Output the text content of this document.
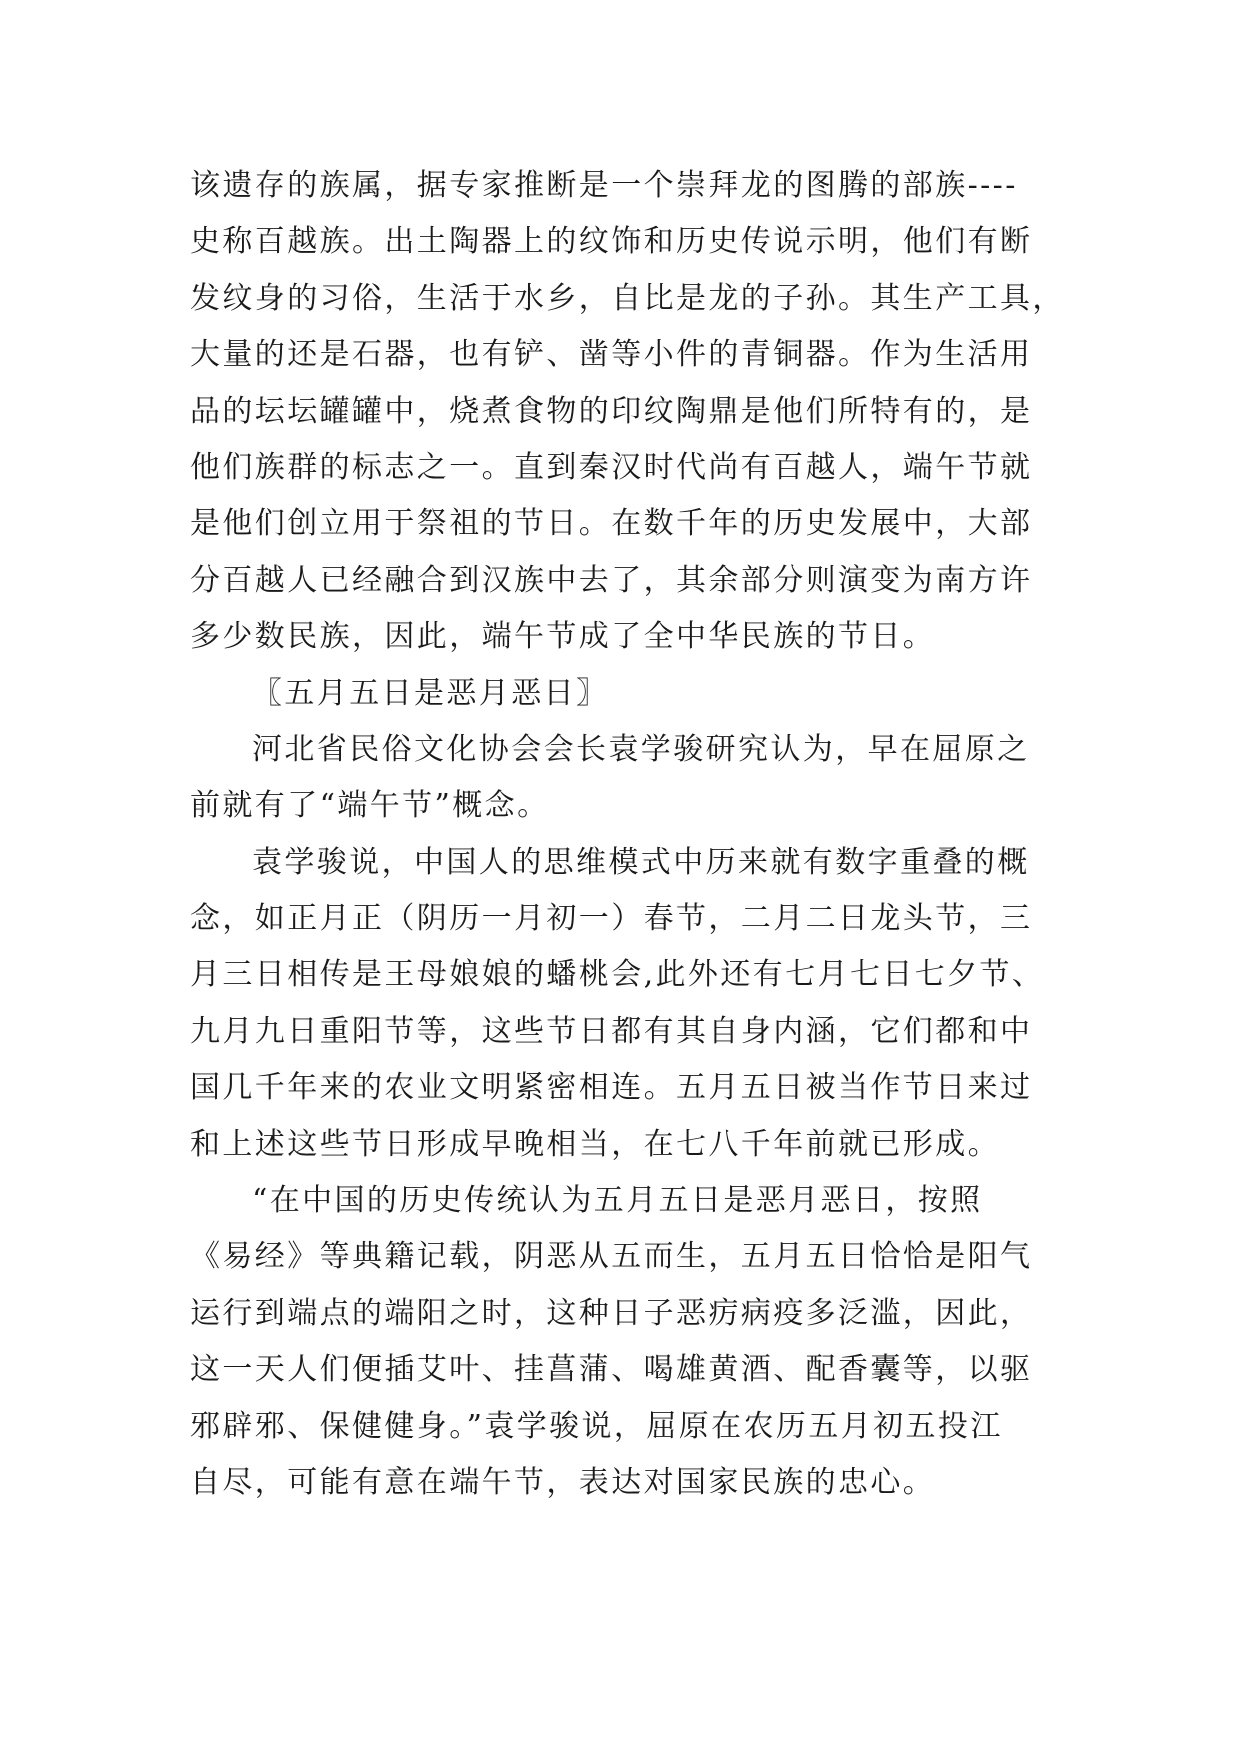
该遗存的族属，据专家推断是一个崇拜龙的图腾的部族----
史称百越族。出土陶器上的纹饰和历史传说示明，他们有断
发纹身的习俗，生活于水乡，自比是龙的子孙。其生产工具，
大量的还是石器，也有铲、凿等小件的青铜器。作为生活用
品的坛坛罐罐中，烧煮食物的印纹陶鼎是他们所特有的，是
他们族群的标志之一。直到秦汉时代尚有百越人，端午节就
是他们创立用于祭祖的节日。在数千年的历史发展中，大部
分百越人已经融合到汉族中去了，其余部分则演变为南方许
多少数民族，因此，端午节成了全中华民族的节日。
〖五月五日是恶月恶日〗
河北省民俗文化协会会长袁学骏研究认为，早在屈原之
前就有了“端午节”概念。
袁学骏说，中国人的思维模式中历来就有数字重叠的概
念，如正月正（阴历一月初一）春节，二月二日龙头节，三
月三日相传是王母娘娘的蟠桃会,此外还有七月七日七夕节、
九月九日重阳节等，这些节日都有其自身内涵，它们都和中
国几千年来的农业文明紧密相连。五月五日被当作节日来过
和上述这些节日形成早晚相当，在七八千年前就已形成。
“在中国的历史传统认为五月五日是恶月恶日，按照
《易经》等典籍记载，阴恶从五而生，五月五日恰恰是阳气
运行到端点的端阳之时，这种日子恶疠病疫多泛滥，因此，
这一天人们便插艾叶、挂菖蒲、喝雄黄酒、配香囊等，以驱
邪辟邪、保健健身。”袁学骏说，屈原在农历五月初五投江
自尽，可能有意在端午节，表达对国家民族的忠心。
